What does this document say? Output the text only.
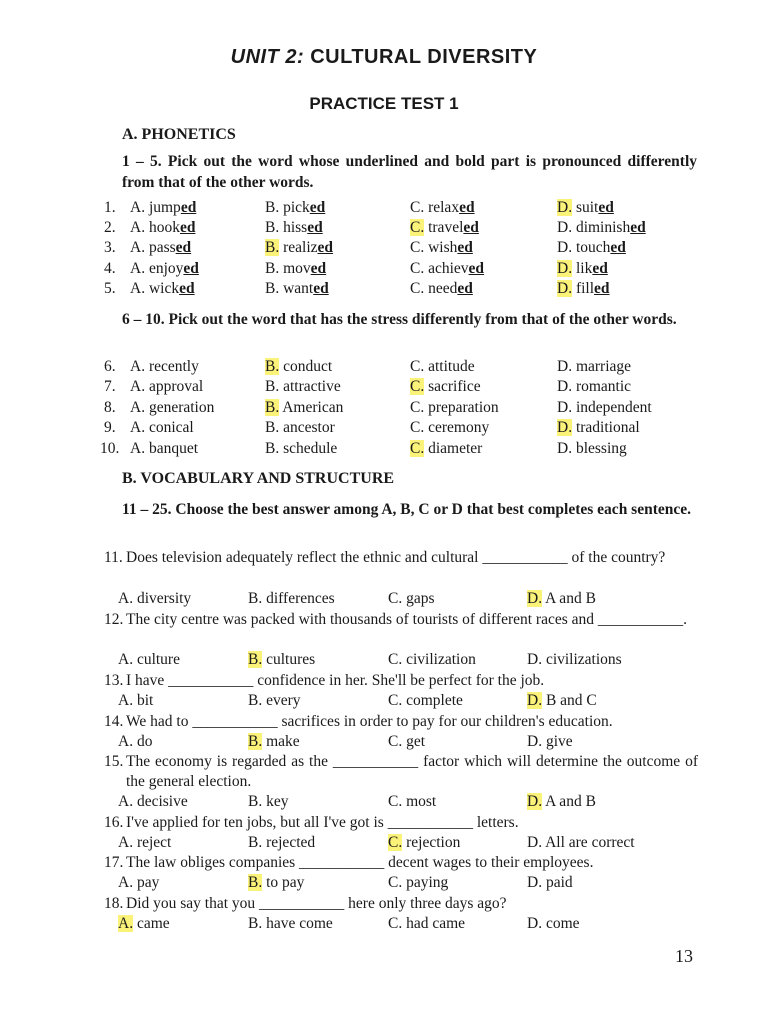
UNIT 2: CULTURAL DIVERSITY
PRACTICE TEST 1
A. PHONETICS
1 – 5. Pick out the word whose underlined and bold part is pronounced differently from that of the other words.
1. A. jumped	B. picked	C. relaxed	D. suited
2. A. hooked	B. hissed	C. traveled	D. diminished
3. A. passed	B. realized	C. wished	D. touched
4. A. enjoyed	B. moved	C. achieved	D. liked
5. A. wicked	B. wanted	C. needed	D. filled
6 – 10. Pick out the word that has the stress differently from that of the other words.
6. A. recently	B. conduct	C. attitude	D. marriage
7. A. approval	B. attractive	C. sacrifice	D. romantic
8. A. generation	B. American	C. preparation	D. independent
9. A. conical	B. ancestor	C. ceremony	D. traditional
10. A. banquet	B. schedule	C. diameter	D. blessing
B. VOCABULARY AND STRUCTURE
11 – 25. Choose the best answer among A, B, C or D that best completes each sentence.
11. Does television adequately reflect the ethnic and cultural ___________ of the country?
A. diversity	B. differences	C. gaps	D. A and B
12. The city centre was packed with thousands of tourists of different races and ___________.
A. culture	B. cultures	C. civilization	D. civilizations
13. I have ___________ confidence in her. She'll be perfect for the job.
A. bit	B. every	C. complete	D. B and C
14. We had to ___________ sacrifices in order to pay for our children's education.
A. do	B. make	C. get	D. give
15. The economy is regarded as the ___________ factor which will determine the outcome of the general election.
A. decisive	B. key	C. most	D. A and B
16. I've applied for ten jobs, but all I've got is ___________ letters.
A. reject	B. rejected	C. rejection	D. All are correct
17. The law obliges companies ___________ decent wages to their employees.
A. pay	B. to pay	C. paying	D. paid
18. Did you say that you ___________ here only three days ago?
A. came	B. have come	C. had came	D. come
13
